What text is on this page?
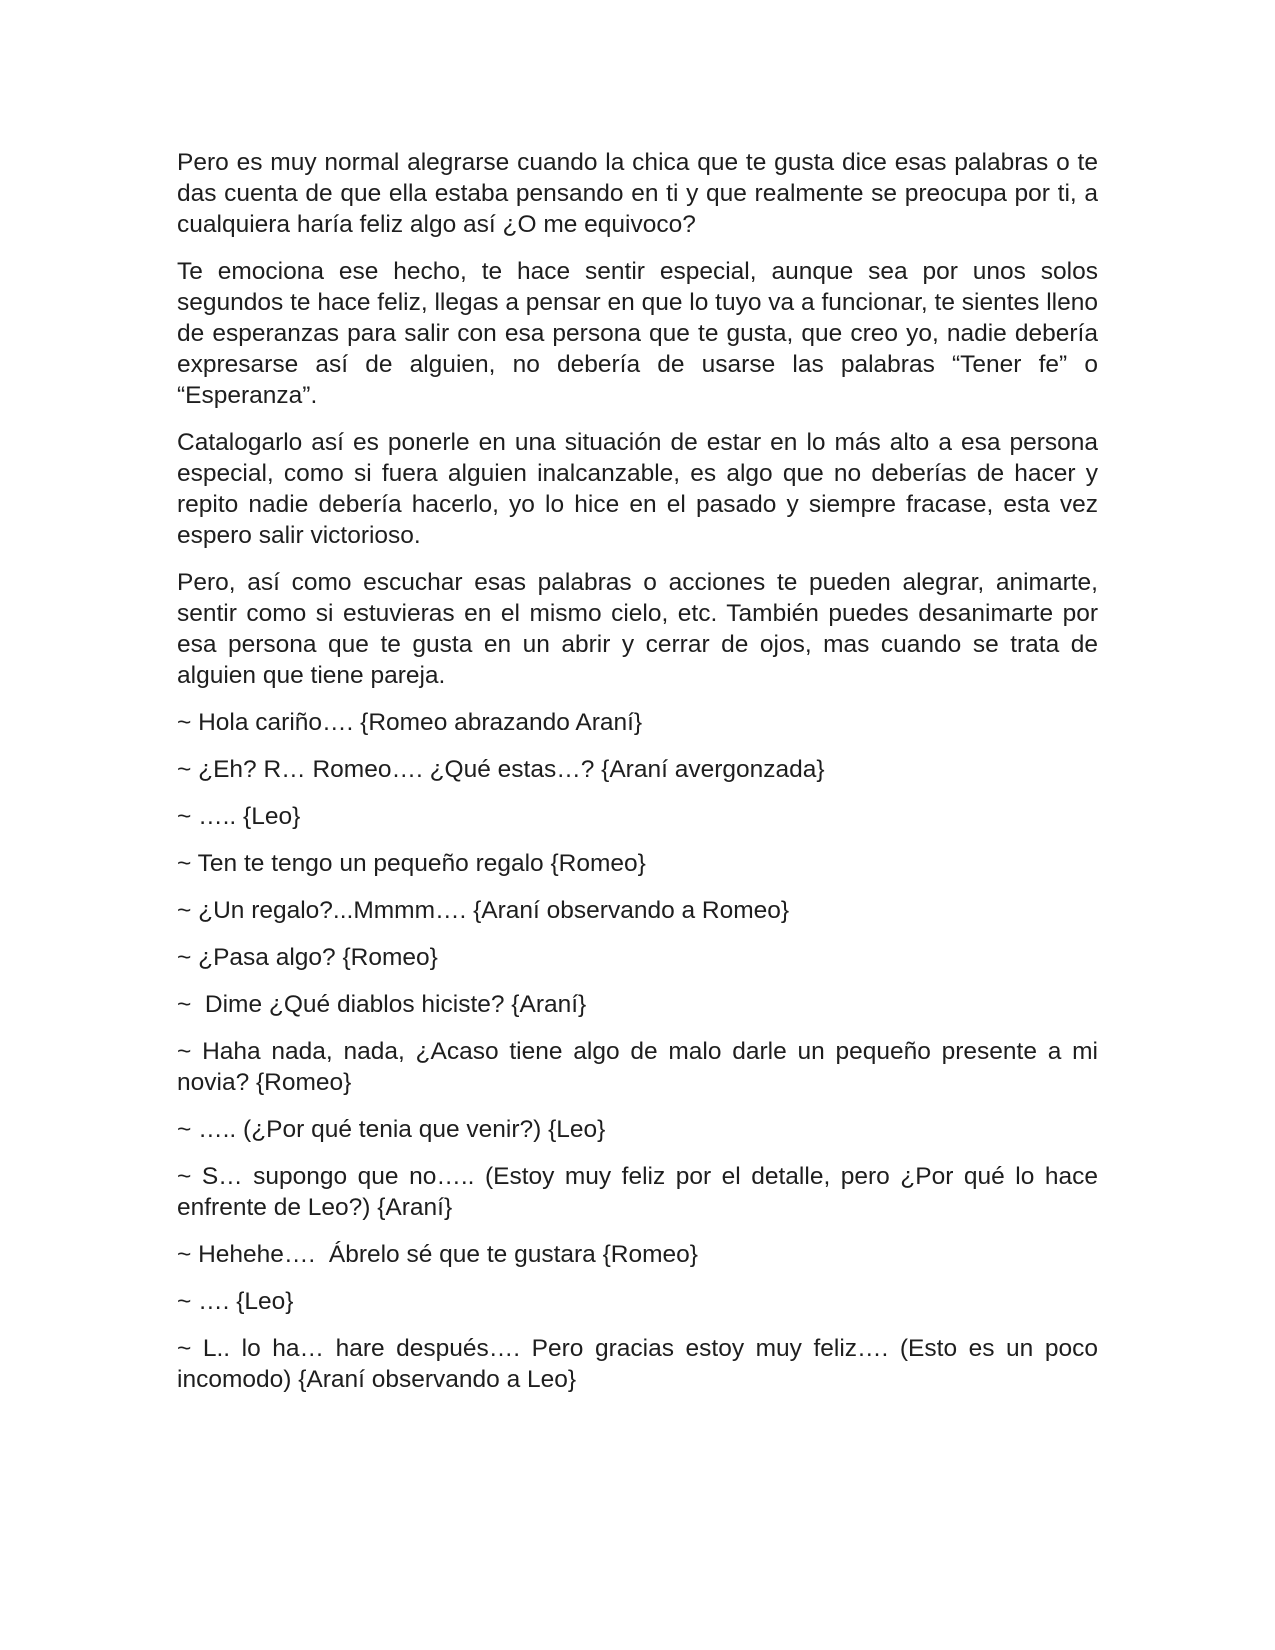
Pero es muy normal alegrarse cuando la chica que te gusta dice esas palabras o te das cuenta de que ella estaba pensando en ti y que realmente se preocupa por ti, a cualquiera haría feliz algo así ¿O me equivoco?

Te emociona ese hecho, te hace sentir especial, aunque sea por unos solos segundos te hace feliz, llegas a pensar en que lo tuyo va a funcionar, te sientes lleno de esperanzas para salir con esa persona que te gusta, que creo yo, nadie debería expresarse así de alguien, no debería de usarse las palabras “Tener fe” o “Esperanza”.

Catalogarlo así es ponerle en una situación de estar en lo más alto a esa persona especial, como si fuera alguien inalcanzable, es algo que no deberías de hacer y repito nadie debería hacerlo, yo lo hice en el pasado y siempre fracase, esta vez espero salir victorioso.

Pero, así como escuchar esas palabras o acciones te pueden alegrar, animarte, sentir como si estuvieras en el mismo cielo, etc. También puedes desanimarte por esa persona que te gusta en un abrir y cerrar de ojos, mas cuando se trata de alguien que tiene pareja.

~ Hola cariño…. {Romeo abrazando Araní}

~ ¿Eh? R… Romeo…. ¿Qué estas…? {Araní avergonzada}

~ ….. {Leo}

~ Ten te tengo un pequeño regalo {Romeo}

~ ¿Un regalo?...Mmmm…. {Araní observando a Romeo}

~ ¿Pasa algo? {Romeo}

~  Dime ¿Qué diablos hiciste? {Araní}

~ Haha nada, nada, ¿Acaso tiene algo de malo darle un pequeño presente a mi novia? {Romeo}

~ ….. (¿Por qué tenia que venir?) {Leo}

~ S… supongo que no….. (Estoy muy feliz por el detalle, pero ¿Por qué lo hace enfrente de Leo?) {Araní}

~ Hehehe….  Ábrelo sé que te gustara {Romeo}

~ …. {Leo}

~ L.. lo ha… hare después…. Pero gracias estoy muy feliz…. (Esto es un poco incomodo) {Araní observando a Leo}
